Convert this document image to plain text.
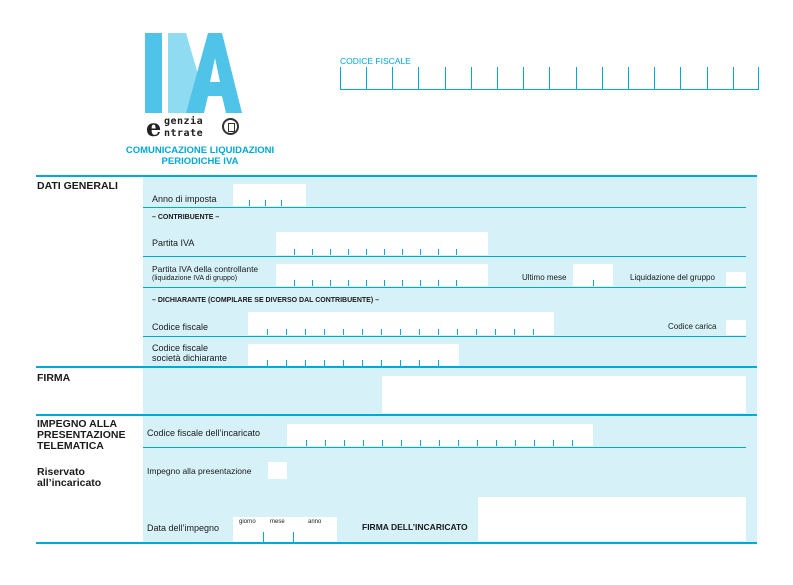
e genzia
ntrate
COMUNICAZIONE LIQUIDAZIONI
PERIODICHE IVA
CODICE FISCALE
DATI GENERALI
Anno di imposta
– CONTRIBUENTE –
Partita IVA
Partita IVA della controllante
(liquidazione IVA di gruppo)	Ultimo mese	Liquidazione del gruppo
– DICHIARANTE (COMPILARE SE DIVERSO DAL CONTRIBUENTE) –
Codice fiscale	Codice carica
Codice fiscale
società dichiarante
FIRMA
IMPEGNO ALLA
PRESENTAZIONE
TELEMATICA
Riservato
all’incaricato
Codice fiscale dell’incaricato
Impegno alla presentazione
Data dell’impegno
giorno mese	anno	FIRMA DELL’INCARICATO
